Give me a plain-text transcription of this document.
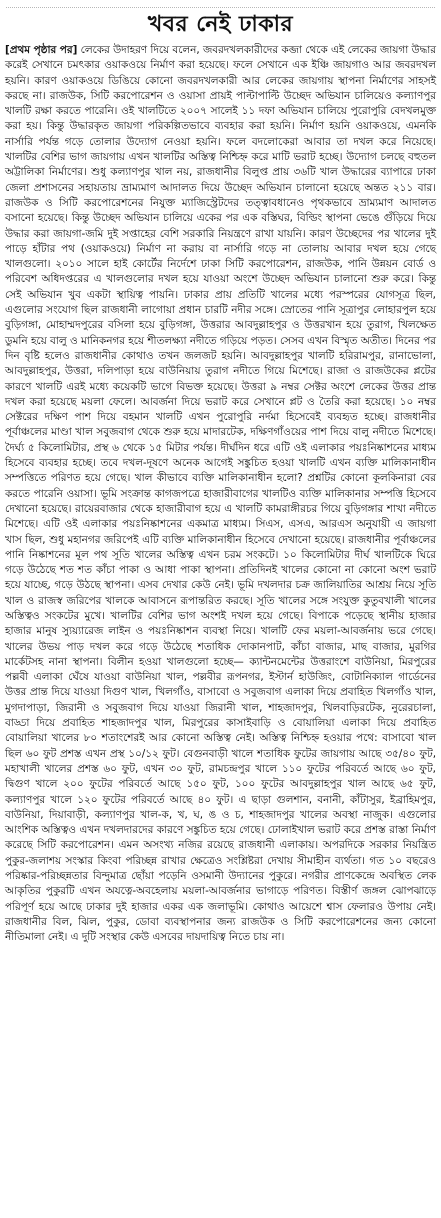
খবর নেই ঢাকার

[প্রথম পৃষ্ঠার পর] লেকের উদাহরণ দিয়ে বলেন, জবরদখলকারীদের কব্জা থেকে এই লেকের জায়গা উদ্ধার করেই সেখানে চমৎকার ওয়াকওয়ে নির্মাণ করা হয়েছে। ফলে সেখানে এক ইঞ্চি জায়গাও আর জবরদখল হয়নি। কারণ ওয়াকওয়ে ডিঙিয়ে কোনো জবরদখলকারী আর লেকের জায়গায় স্থাপনা নির্মাণের সাহসই করছে না। রাজউক, সিটি করপোরেশন ও ওয়াসা প্রায়ই পাল্টাপাল্টি উচ্ছেদ অভিযান চালিয়েও কল্যাণপুর খালটি রক্ষা করতে পারেনি। ওই খালটিতে ২০০৭ সালেই ১১ দফা অভিযান চালিয়ে পুরোপুরি বেদখলমুক্ত করা হয়। কিন্তু উদ্ধারকৃত জায়গা পরিকল্পিতভাবে ব্যবহার করা হয়নি। নির্মাণ হয়নি ওয়াকওয়ে, এমনকি নার্সারি পর্যন্ত গড়ে তোলার উদ্যোগ নেওয়া হয়নি। ফলে বদলোকেরা আবার তা দখল করে নিয়েছে। খালটির বেশির ভাগ জায়গায় এখন খালটির অস্তিত্ব নিশ্চিহ্ন করে মাটি ভরাট হচ্ছে। উদ্যোগ চলছে বহুতল অট্টালিকা নির্মাণের। শুধু কল্যাণপুর খাল নয়, রাজধানীর বিলুপ্ত প্রায় ৩৬টি খাল উদ্ধারের ব্যাপারে ঢাকা জেলা প্রশাসনের সহায়তায় ভ্রাম্যমাণ আদালত দিয়ে উচ্ছেদ অভিযান চালানো হয়েছে অন্তত ২১১ বার। রাজউক ও সিটি করপোরেশনের নিযুক্ত ম্যাজিস্ট্রেটদের তত্ত্বাবধানেও পৃথকভাবে ভ্রাম্যমাণ আদালত বসানো হয়েছে। কিন্তু উচ্ছেদ অভিযান চালিয়ে একের পর এক বস্তিঘর, বিল্ডিং স্থাপনা ভেঙে গুঁড়িয়ে দিয়ে উদ্ধার করা জায়গা-জমি দুই সপ্তাহের বেশি সরকারি নিয়ন্ত্রণে রাখা যায়নি। কারণ উচ্ছেদের পর খালের দুই পাড়ে হাঁটার পথ (ওয়াকওয়ে) নির্মাণ না করায় বা নার্সারি গড়ে না তোলায় আবার দখল হয়ে গেছে খালগুলো। ২০১০ সালে হাই কোর্টের নির্দেশে ঢাকা সিটি করপোরেশন, রাজউক, পানি উন্নয়ন বোর্ড ও পরিবেশ অধিদপ্তরের এ খালগুলোর দখল হয়ে যাওয়া অংশে উচ্ছেদ অভিযান চালানো শুরু করে। কিন্তু সেই অভিযান খুব একটা স্থায়িত্ব পায়নি। ঢাকার প্রায় প্রতিটি খালের মধ্যে পরস্পরের যোগসূত্র ছিল, এগুলোর সংযোগ ছিল রাজধানী লাগোয়া প্রধান চারটি নদীর সঙ্গে। স্রোতের পানি সূত্রাপুর লোহারপুল হয়ে বুড়িগঙ্গা, মোহাম্মদপুরের বসিলা হয়ে বুড়িগঙ্গা, উত্তরার আবদুল্লাহপুর ও উত্তরখান হয়ে তুরাগ, খিলক্ষেত ডুমনি হয়ে বালু ও মানিকনগর হয়ে শীতলক্ষ্যা নদীতে গড়িয়ে পড়ত। সেসব এখন বিস্মৃত অতীত। দিনের পর দিন বৃষ্টি হলেও রাজধানীর কোথাও তখন জলজট হয়নি। আবদুল্লাহপুর খালটি হরিরামপুর, রানাভোলা, আবদুল্লাহপুর, উত্তরা, দলিপাড়া হয়ে বাউনিয়ায় তুরাগ নদীতে গিয়ে মিশেছে। রাজা ও রাজউকের প্লটের কারণে খালটি এরই মধ্যে কয়েকটি ভাগে বিভক্ত হয়েছে। উত্তরা ৯ নম্বর সেক্টর অংশে লেকের উত্তর প্রান্ত দখল করা হয়েছে ময়লা ফেলে। আবর্জনা দিয়ে ভরাট করে সেখানে প্লট ও তৈরি করা হয়েছে। ১০ নম্বর সেক্টরের দক্ষিণ পাশ দিয়ে বহমান খালটি এখন পুরোপুরি নর্দমা হিসেবেই ব্যবহৃত হচ্ছে। রাজধানীর পূর্বাঞ্চলের মাণ্ডা খাল সবুজবাগ থেকে শুরু হয়ে মাদারটেক, দক্ষিণগাঁওয়ের পাশ দিয়ে বালু নদীতে মিশেছে। দৈর্ঘ্য ৫ কিলোমিটার, প্রস্থ ৬ থেকে ১৫ মিটার পর্যন্ত। দীর্ঘদিন ধরে এটি ওই এলাকার পয়ঃনিষ্কাশনের মাধ্যম হিসেবে ব্যবহার হচ্ছে। তবে দখল-দূষণে অনেক আগেই সঙ্কুচিত হওয়া খালটি এখন ব্যক্তি মালিকানাধীন সম্পত্তিতে পরিণত হয়ে গেছে। খাল কীভাবে ব্যক্তি মালিকানাধীন হলো? প্রশ্নটির কোনো কূলকিনারা বের করতে পারেনি ওয়াসা। ভূমি সংক্রান্ত কাগজপত্রে হাজারীবাগের খালটিও ব্যক্তি মালিকানার সম্পত্তি হিসেবে দেখানো হয়েছে। রায়েরবাজার থেকে হাজারীবাগ হয়ে এ খালটি কামরাঙ্গীরচর গিয়ে বুড়িগঙ্গার শাখা নদীতে মিশেছে। এটি ওই এলাকার পয়ঃনিষ্কাশনের একমাত্র মাধ্যম। সিএস, এসএ, আরএস অনুযায়ী এ জায়গা খাস ছিল, শুধু মহানগর জরিপেই এটি ব্যক্তি মালিকানাধীন হিসেবে দেখানো হয়েছে। রাজধানীর পূর্বাঞ্চলের পানি নিষ্কাশনের মূল পথ সূতি খালের অস্তিত্ব এখন চরম সংকটে। ১০ কিলোমিটার দীর্ঘ খালটিকে ঘিরে গড়ে উঠেছে শত শত কাঁচা পাকা ও আধা পাকা স্থাপনা। প্রতিদিনই খালের কোনো না কোনো অংশ ভরাট হয়ে যাচ্ছে, গড়ে উঠছে স্থাপনা। এসব দেখার কেউ নেই। ভূমি দখলদার চক্র জালিয়াতির আশ্রয় নিয়ে সূতি খাল ও রাজস্ব জরিপের খালকে আবাসনে রূপান্তরিত করছে। সূতি খালের সঙ্গে সংযুক্ত কুতুবখালী খালের অস্তিত্বও সংকটের মুখে। খালটির বেশির ভাগ অংশই দখল হয়ে গেছে। বিপাকে পড়েছে স্থানীয় হাজার হাজার মানুষ স্যুয়্যারেজ লাইন ও পয়ঃনিষ্কাশন ব্যবস্থা নিয়ে। খালটি ফের ময়লা-আবর্জনায় ভরে গেছে। খালের উভয় পাড় দখল করে গড়ে উঠেছে শতাধিক দোকানপাট, কাঁচা বাজার, মাছ বাজার, মুরগির মার্কেটসহ নানা স্থাপনা। বিলীন হওয়া খালগুলো হচ্ছে— ক্যান্টনমেন্টের উত্তরাংশে বাউনিয়া, মিরপুরের পল্লবী এলাকা ঘেঁষে যাওয়া বাউনিয়া খাল, পল্লবীর রূপনগর, ইস্টার্ন হাউজিং, বোটানিক্যাল গার্ডেনের উত্তর প্রান্ত দিয়ে যাওয়া দিগুণ খাল, খিলগাঁও, বাসাবো ও সবুজবাগ এলাকা দিয়ে প্রবাহিত খিলগাঁও খাল, মুগদাপাড়া, জিরানী ও সবুজবাগ দিয়ে যাওয়া জিরানী খাল, শাহজাদপুর, খিলবাড়িরটেক, নুরেরচালা, বাড্ডা দিয়ে প্রবাহিত শাহজাদপুর খাল, মিরপুরের কাসাইবাড়ি ও বোয়ালিয়া এলাকা দিয়ে প্রবাহিত বোয়ালিয়া খালের ৮০ শতাংশেরই আর কোনো অস্তিত্ব নেই। অস্তিত্ব নিশ্চিহ্ন হওয়ার পথে: বাসাবো খাল ছিল ৬০ ফুট প্রশস্ত এখন প্রস্থ ১০/১২ ফুট। বেগুনবাড়ী খালে শতাধিক ফুটের জায়গায় আছে ৩৫/৪০ ফুট, মহাখালী খালের প্রশস্ত ৬০ ফুট, এখন ৩০ ফুট, রামচন্দ্রপুর খালে ১১০ ফুটের পরিবর্তে আছে ৬০ ফুট, দ্বিগুণ খালে ২০০ ফুটের পরিবর্তে আছে ১৫০ ফুট, ১০০ ফুটের আবদুল্লাহপুর খাল আছে ৬৫ ফুট, কল্যাণপুর খালে ১২০ ফুটের পরিবর্তে আছে ৪০ ফুট। এ ছাড়া গুলশান, বনানী, কাঁটাসুর, ইব্রাহিমপুর, বাউনিয়া, দিয়াবাড়ী, কল্যাণপুর খাল-ক, খ, ঘ, ঙ ও চ, শাহজাদপুর খালের অবস্থা নাজুক। এগুলোর আংশিক অস্তিত্বও এখন দখলদারদের কারণে সঙ্কুচিত হয়ে গেছে। ঢোলাইখাল ভরাট করে প্রশস্ত রাস্তা নির্মাণ করেছে সিটি করপোরেশন। এমন অসংখ্য নজির রয়েছে রাজধানী এলাকায়। অপরদিকে সরকার নিয়ন্ত্রিত পুকুর-জলাশয় সংস্কার কিংবা পরিচ্ছন্ন রাখার ক্ষেত্রেও সংশ্লিষ্টরা দেখায় সীমাহীন ব্যর্থতা। গত ১০ বছরেও পরিষ্কার-পরিচ্ছন্নতার বিন্দুমাত্র ছোঁয়া পড়েনি ওসমানী উদ্যানের পুকুরে। নগরীর প্রাণকেন্দ্রে অবস্থিত লেক আকৃতির পুকুরটি এখন অযত্নে-অবহেলায় ময়লা-আবর্জনার ভাগাড়ে পরিণত। বিস্তীর্ণ জঙ্গল ঝোপঝাড়ে পরিপূর্ণ হয়ে আছে ঢাকার দুই হাজার একর এক জলাভূমি। কোথাও আয়েশে শ্বাস ফেলারও উপায় নেই। রাজধানীর বিল, ঝিল, পুকুর, ডোবা ব্যবস্থাপনার জন্য রাজউক ও সিটি করপোরেশনের জন্য কোনো নীতিমালা নেই। এ দুটি সংস্থার কেউ এসবের দায়দায়িত্ব নিতে চায় না।
